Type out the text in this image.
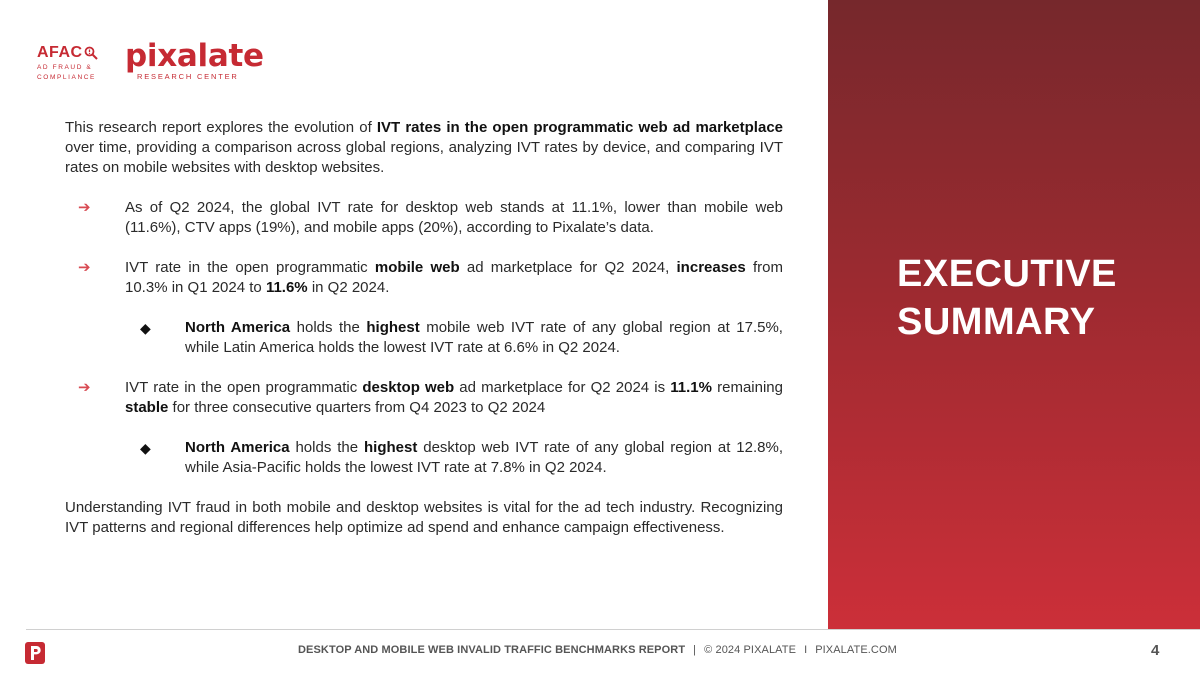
AFAC
AD FRAUD &
COMPLIANCE
pixalate
RESEARCH CENTER

This research report explores the evolution of IVT rates in the open programmatic web ad marketplace over time, providing a comparison across global regions, analyzing IVT rates by device, and comparing IVT rates on mobile websites with desktop websites.

➔ As of Q2 2024, the global IVT rate for desktop web stands at 11.1%, lower than mobile web (11.6%), CTV apps (19%), and mobile apps (20%), according to Pixalate’s data.
➔ IVT rate in the open programmatic mobile web ad marketplace for Q2 2024, increases from 10.3% in Q1 2024 to 11.6% in Q2 2024.
◆ North America holds the highest mobile web IVT rate of any global region at 17.5%, while Latin America holds the lowest IVT rate at 6.6% in Q2 2024.
➔ IVT rate in the open programmatic desktop web ad marketplace for Q2 2024 is 11.1% remaining stable for three consecutive quarters from Q4 2023 to Q2 2024
◆ North America holds the highest desktop web IVT rate of any global region at 12.8%, while Asia-Pacific holds the lowest IVT rate at 7.8% in Q2 2024.

Understanding IVT fraud in both mobile and desktop websites is vital for the ad tech industry. Recognizing IVT patterns and regional differences help optimize ad spend and enhance campaign effectiveness.

EXECUTIVE
SUMMARY
DESKTOP AND MOBILE WEB INVALID TRAFFIC BENCHMARKS REPORT | © 2024 PIXALATE I PIXALATE.COM	4
